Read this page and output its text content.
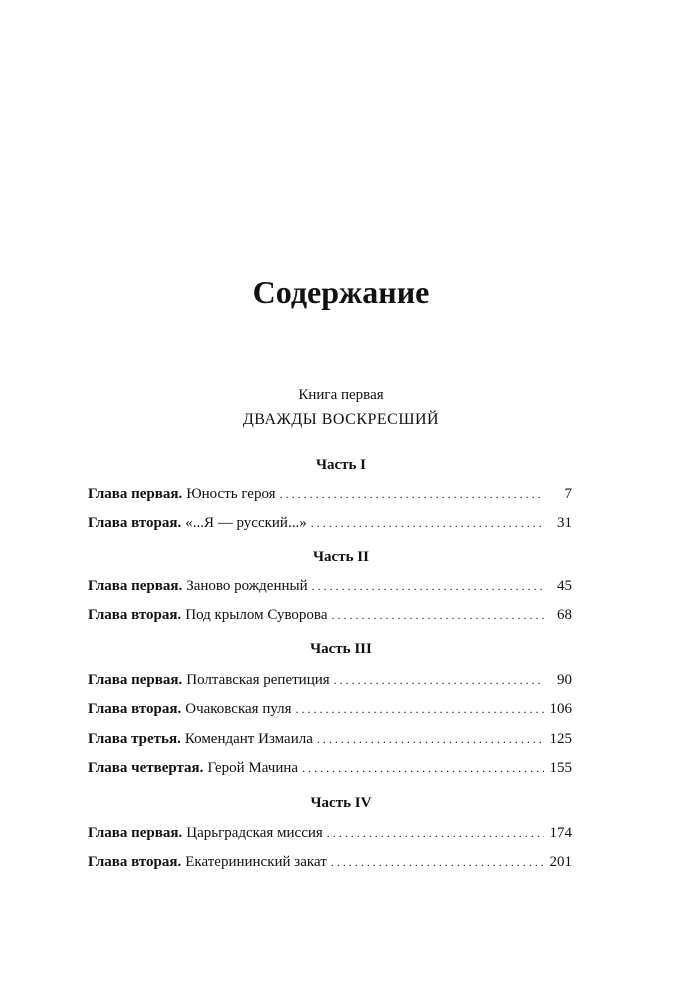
Содержание
Книга первая
ДВАЖДЫ ВОСКРЕСШИЙ
Часть I
Глава первая. Юность героя . . .	7
Глава вторая. «...Я — русский...» . . .	31
Часть II
Глава первая. Заново рожденный . . .	45
Глава вторая. Под крылом Суворова . . .	68
Часть III
Глава первая. Полтавская репетиция . . .	90
Глава вторая. Очаковская пуля . . .	106
Глава третья. Комендант Измаила . . .	125
Глава четвертая. Герой Мачина . . .	155
Часть IV
Глава первая. Царьградская миссия . . .	174
Глава вторая. Екатерининский закат . . .	201
